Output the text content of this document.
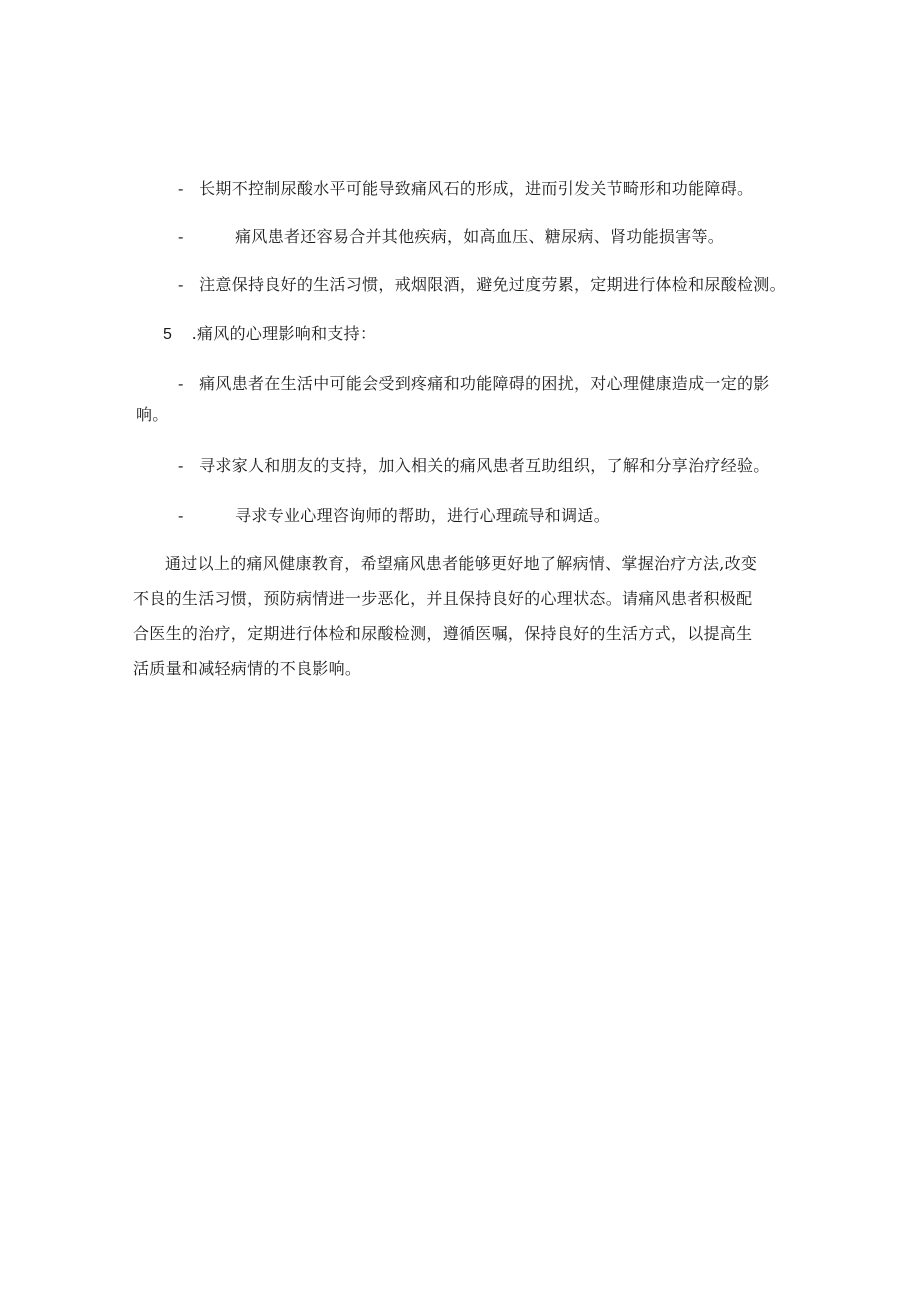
- 长期不控制尿酸水平可能导致痛风石的形成，进而引发关节畸形和功能障碍。
-	痛风患者还容易合并其他疾病，如高血压、糖尿病、肾功能损害等。
- 注意保持良好的生活习惯，戒烟限酒，避免过度劳累，定期进行体检和尿酸检测。
5 .痛风的心理影响和支持：
- 痛风患者在生活中可能会受到疼痛和功能障碍的困扰，对心理健康造成一定的影
响。
- 寻求家人和朋友的支持，加入相关的痛风患者互助组织，了解和分享治疗经验。
-	寻求专业心理咨询师的帮助，进行心理疏导和调适。
通过以上的痛风健康教育，希望痛风患者能够更好地了解病情、掌握治疗方法,改变
不良的生活习惯，预防病情进一步恶化，并且保持良好的心理状态。请痛风患者积极配
合医生的治疗，定期进行体检和尿酸检测，遵循医嘱，保持良好的生活方式，以提高生
活质量和减轻病情的不良影响。
